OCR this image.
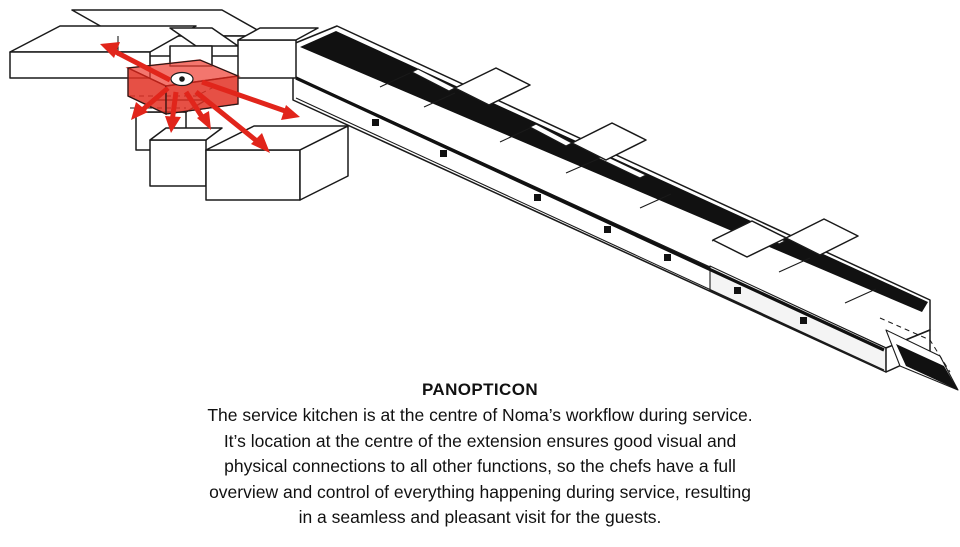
PANOPTICON
The service kitchen is at the centre of Noma’s workflow during service.
It’s location at the centre of the extension ensures good visual and
physical connections to all other functions, so the chefs have a full
overview and control of everything happening during service, resulting
in a seamless and pleasant visit for the guests.
